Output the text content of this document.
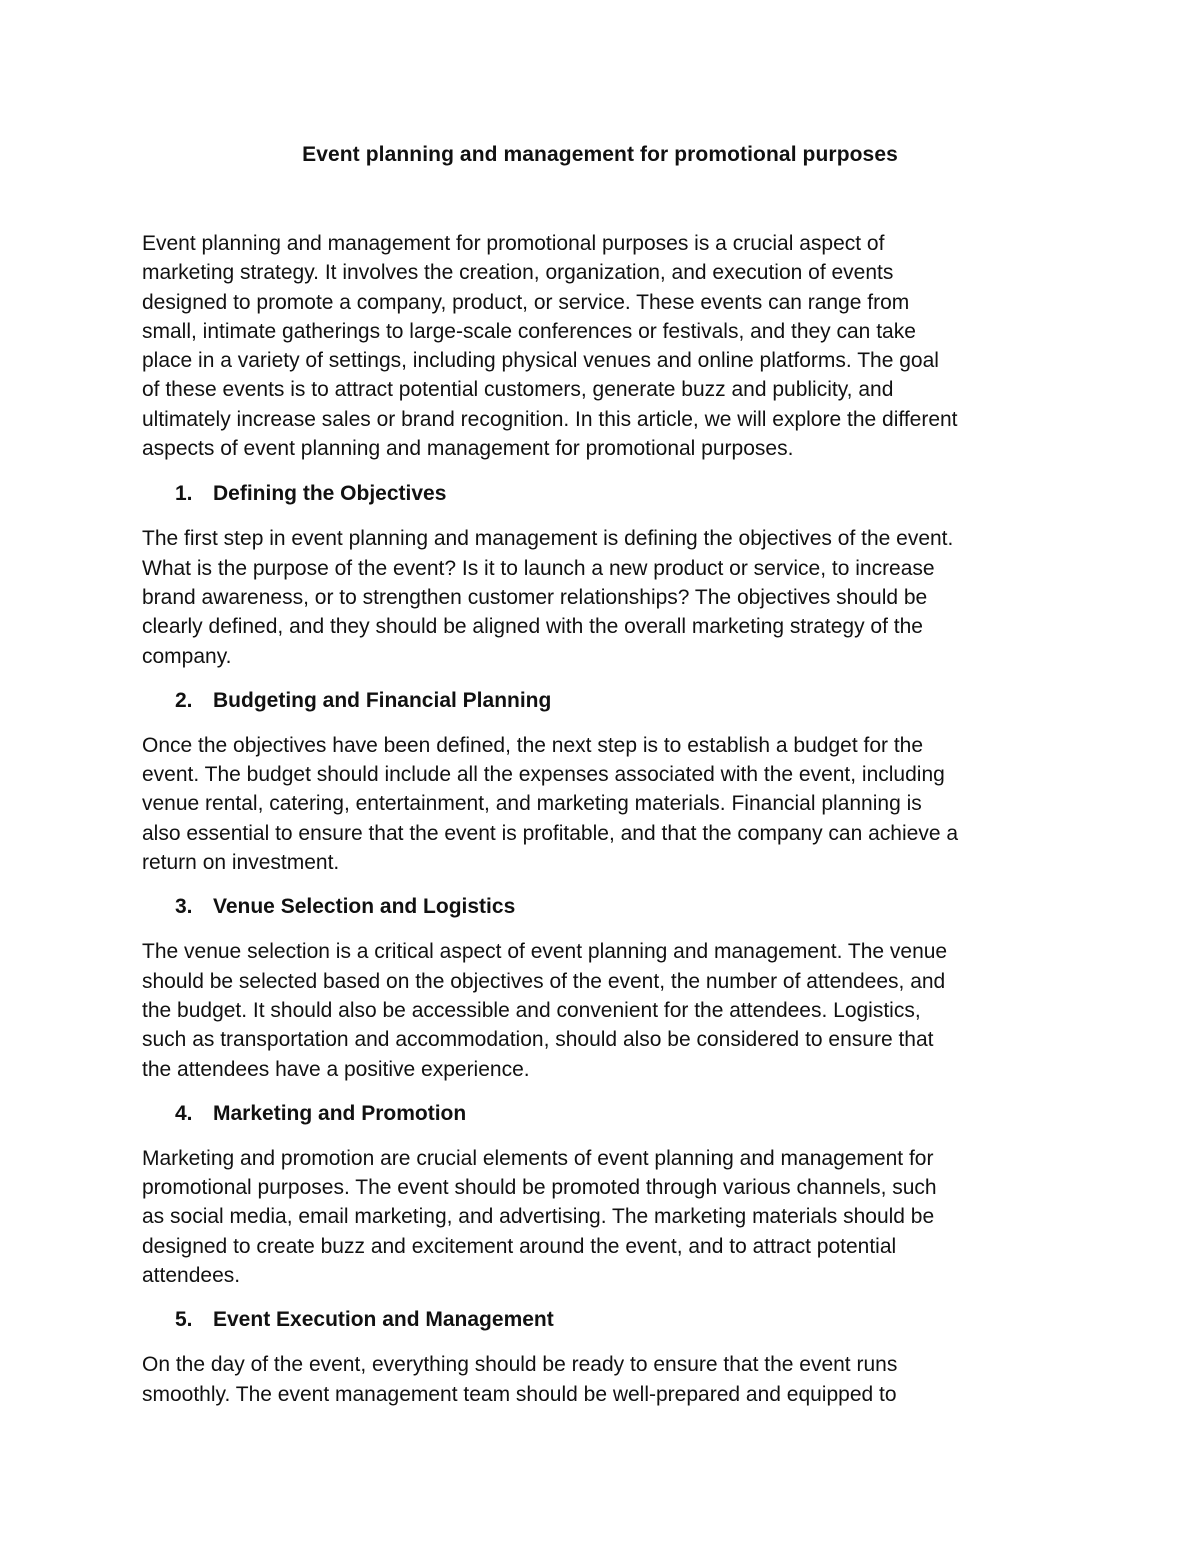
Event planning and management for promotional purposes

Event planning and management for promotional purposes is a crucial aspect of
marketing strategy. It involves the creation, organization, and execution of events
designed to promote a company, product, or service. These events can range from
small, intimate gatherings to large-scale conferences or festivals, and they can take
place in a variety of settings, including physical venues and online platforms. The goal
of these events is to attract potential customers, generate buzz and publicity, and
ultimately increase sales or brand recognition. In this article, we will explore the different
aspects of event planning and management for promotional purposes.

1. Defining the Objectives

The first step in event planning and management is defining the objectives of the event.
What is the purpose of the event? Is it to launch a new product or service, to increase
brand awareness, or to strengthen customer relationships? The objectives should be
clearly defined, and they should be aligned with the overall marketing strategy of the
company.

2. Budgeting and Financial Planning

Once the objectives have been defined, the next step is to establish a budget for the
event. The budget should include all the expenses associated with the event, including
venue rental, catering, entertainment, and marketing materials. Financial planning is
also essential to ensure that the event is profitable, and that the company can achieve a
return on investment.

3. Venue Selection and Logistics

The venue selection is a critical aspect of event planning and management. The venue
should be selected based on the objectives of the event, the number of attendees, and
the budget. It should also be accessible and convenient for the attendees. Logistics,
such as transportation and accommodation, should also be considered to ensure that
the attendees have a positive experience.

4. Marketing and Promotion

Marketing and promotion are crucial elements of event planning and management for
promotional purposes. The event should be promoted through various channels, such
as social media, email marketing, and advertising. The marketing materials should be
designed to create buzz and excitement around the event, and to attract potential
attendees.

5. Event Execution and Management

On the day of the event, everything should be ready to ensure that the event runs
smoothly. The event management team should be well-prepared and equipped to
